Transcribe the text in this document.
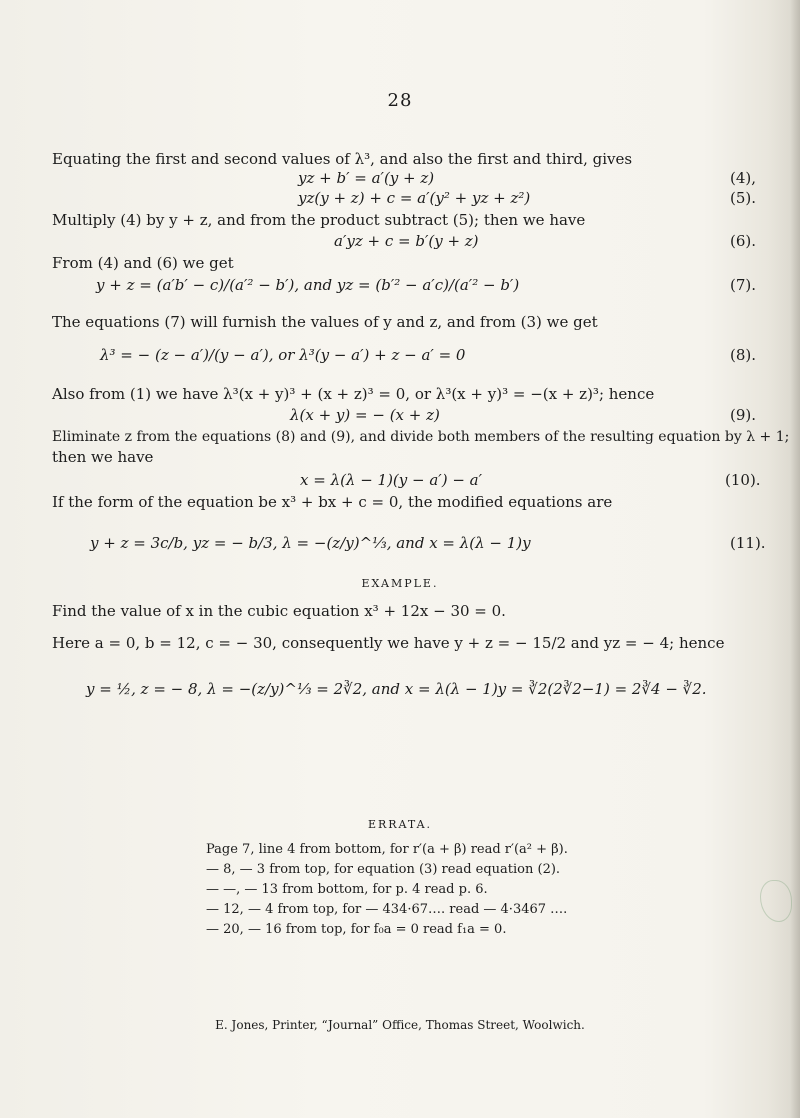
28
Equating the first and second values of λ³, and also the first and third, gives
yz + b′ = a′(y + z)	(4),
yz(y + z) + c = a′(y² + yz + z²)	(5).
Multiply (4) by y + z, and from the product subtract (5); then we have
a′yz + c = b′(y + z)	(6).
From (4) and (6) we get
y + z = (a′b′ − c)/(a′² − b′), and yz = (b′² − a′c)/(a′² − b′)	(7).
The equations (7) will furnish the values of y and z, and from (3) we get
λ³ = − (z − a′)/(y − a′), or λ³(y − a′) + z − a′ = 0	(8).
Also from (1) we have λ³(x + y)³ + (x + z)³ = 0, or λ³(x + y)³ = −(x + z)³; hence
λ(x + y) = − (x + z)	(9).
Eliminate z from the equations (8) and (9), and divide both members of the resulting equation by λ + 1;
then we have
x = λ(λ − 1)(y − a′) − a′	(10).
If the form of the equation be x³ + bx + c = 0, the modified equations are
y + z = 3c/b, yz = − b/3, λ = −(z/y)^⅓, and x = λ(λ − 1)y	(11).
EXAMPLE.
Find the value of x in the cubic equation x³ + 12x − 30 = 0.
Here a = 0, b = 12, c = − 30, consequently we have y + z = − 15/2 and yz = − 4; hence
y = ½, z = − 8, λ = −(z/y)^⅓ = 2∛2, and x = λ(λ − 1)y = ∛2(2∛2−1) = 2∛4 − ∛2.
ERRATA.
Page 7, line 4 from bottom, for r′(a + β) read r′(a² + β).
— 8, — 3 from top, for equation (3) read equation (2).
— —, — 13 from bottom, for p. 4 read p. 6.
— 12, — 4 from top, for — 434·67…. read — 4·3467 ….
— 20, — 16 from top, for f₀a = 0 read f₁a = 0.
E. Jones, Printer, “Journal” Office, Thomas Street, Woolwich.
